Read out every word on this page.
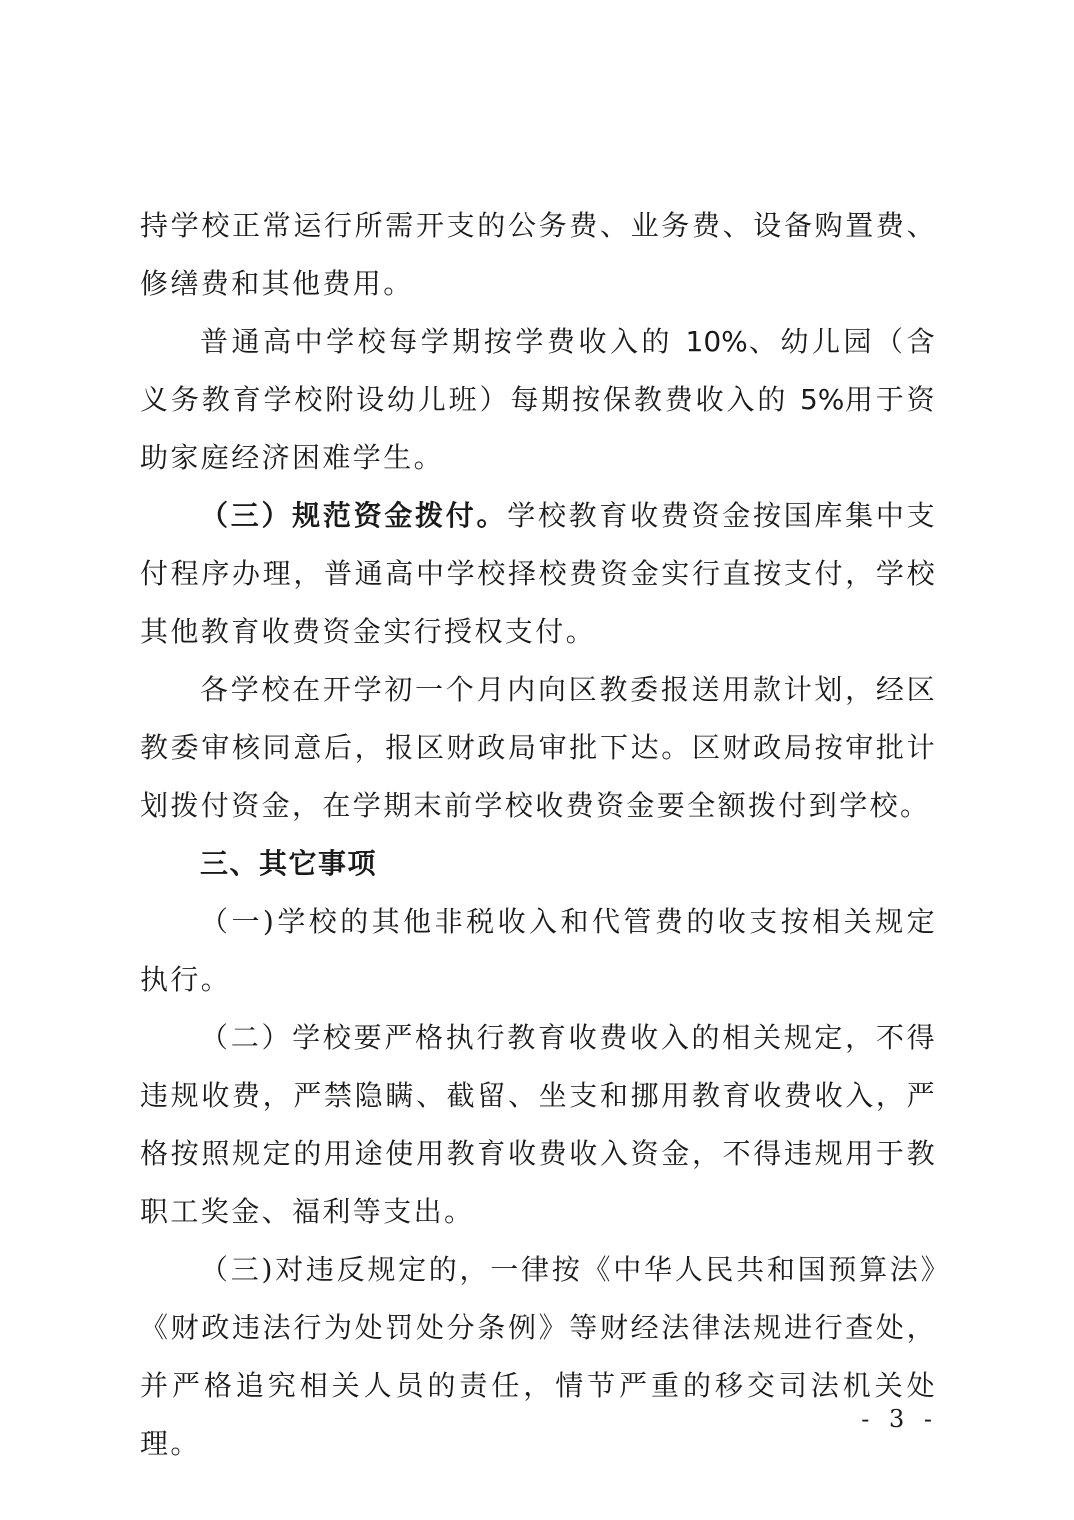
持学校正常运行所需开支的公务费、业务费、设备购置费、修缮费和其他费用。

普通高中学校每学期按学费收入的 10%、幼儿园（含义务教育学校附设幼儿班）每期按保教费收入的 5%用于资助家庭经济困难学生。

（三）规范资金拨付。学校教育收费资金按国库集中支付程序办理，普通高中学校择校费资金实行直按支付，学校其他教育收费资金实行授权支付。

各学校在开学初一个月内向区教委报送用款计划，经区教委审核同意后，报区财政局审批下达。区财政局按审批计划拨付资金，在学期末前学校收费资金要全额拨付到学校。

三、其它事项

（一)学校的其他非税收入和代管费的收支按相关规定执行。

（二）学校要严格执行教育收费收入的相关规定，不得违规收费，严禁隐瞒、截留、坐支和挪用教育收费收入，严格按照规定的用途使用教育收费收入资金，不得违规用于教职工奖金、福利等支出。

（三)对违反规定的，一律按《中华人民共和国预算法》《财政违法行为处罚处分条例》等财经法律法规进行查处，并严格追究相关人员的责任，情节严重的移交司法机关处理。

- 3 -
